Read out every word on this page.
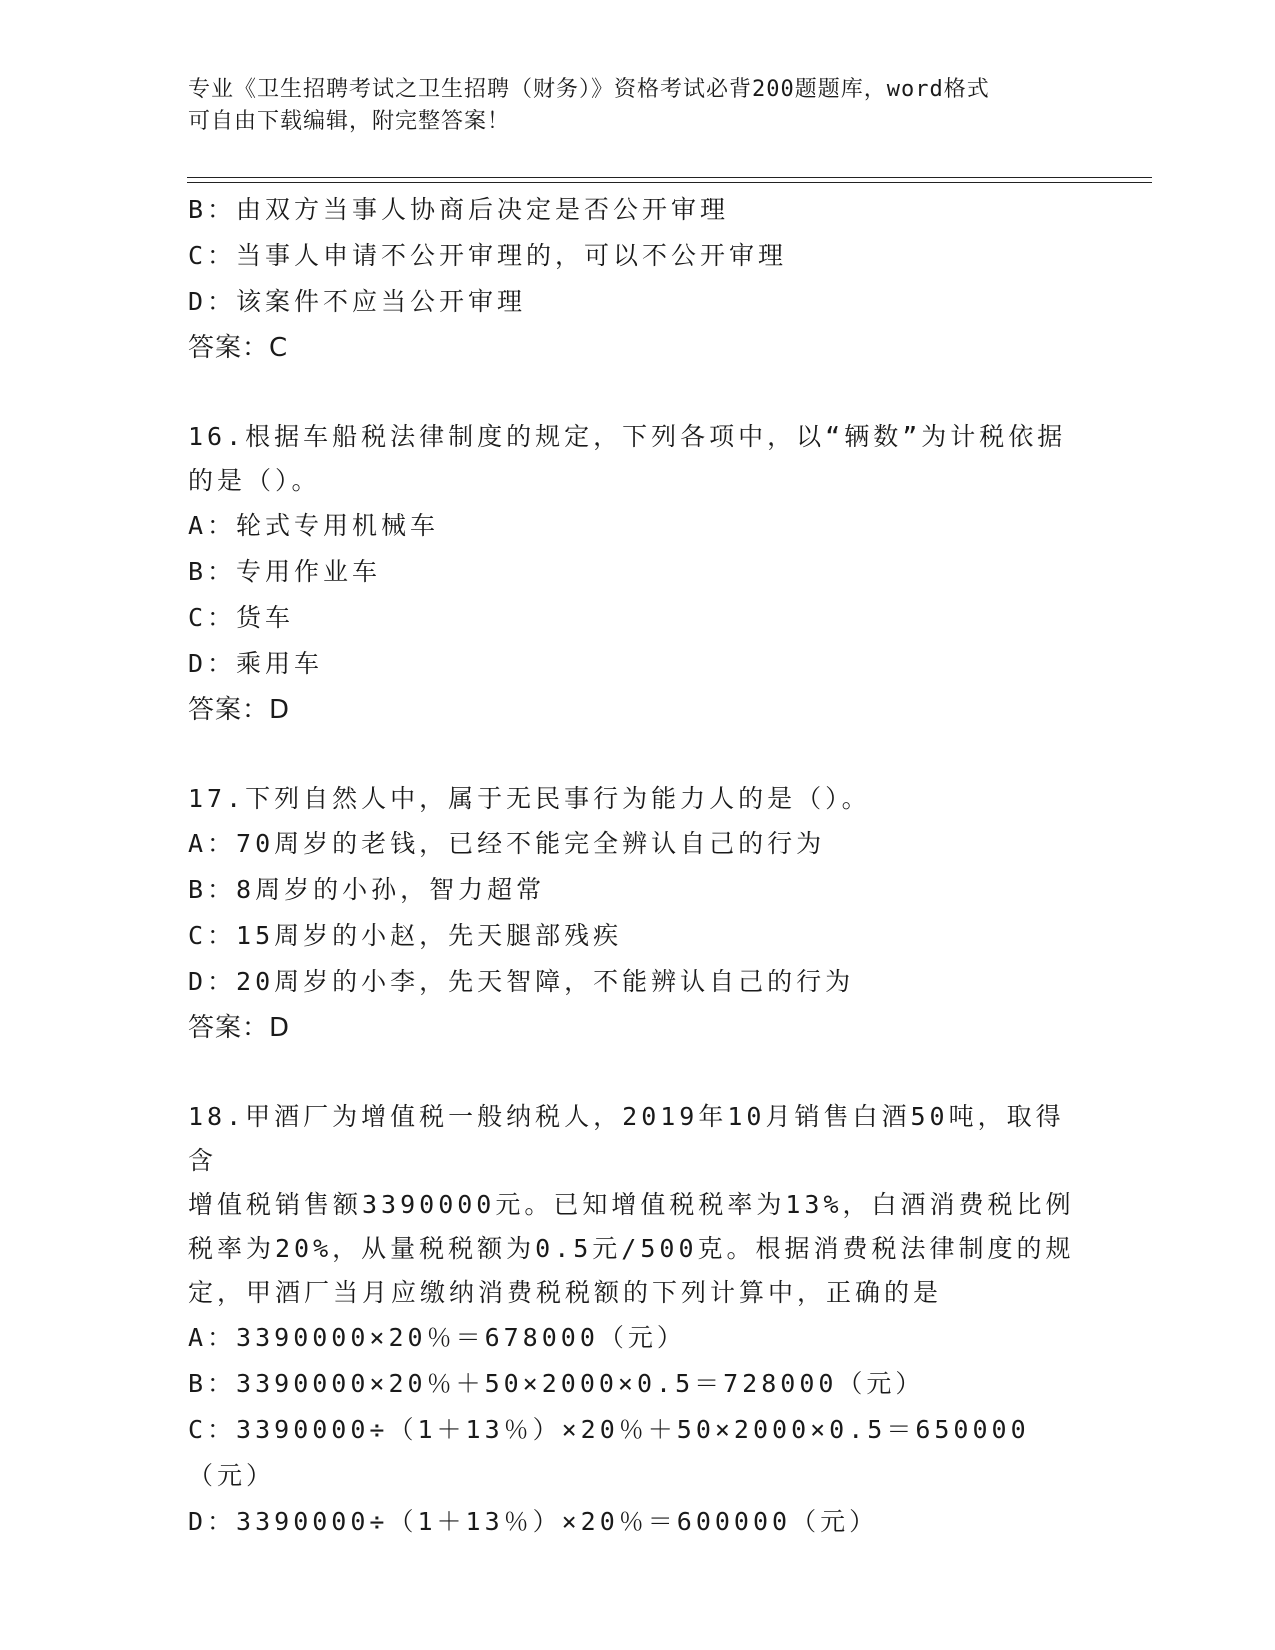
专业《卫生招聘考试之卫生招聘（财务）》资格考试必背200题题库，word格式
可自由下载编辑，附完整答案！
B：由双方当事人协商后决定是否公开审理
C：当事人申请不公开审理的，可以不公开审理
D：该案件不应当公开审理
答案：C
16.根据车船税法律制度的规定，下列各项中，以“辆数”为计税依据
的是（）。
A：轮式专用机械车
B：专用作业车
C：货车
D：乘用车
答案：D
17.下列自然人中，属于无民事行为能力人的是（）。
A：70周岁的老钱，已经不能完全辨认自己的行为
B：8周岁的小孙，智力超常
C：15周岁的小赵，先天腿部残疾
D：20周岁的小李，先天智障，不能辨认自己的行为
答案：D
18.甲酒厂为增值税一般纳税人，2019年10月销售白酒50吨，取得含
增值税销售额3390000元。已知增值税税率为13%，白酒消费税比例
税率为20%，从量税税额为0.5元/500克。根据消费税法律制度的规
定，甲酒厂当月应缴纳消费税税额的下列计算中，正确的是
A：3390000×20％＝678000（元）
B：3390000×20％＋50×2000×0.5＝728000（元）
C：3390000÷（1＋13％）×20％＋50×2000×0.5＝650000（元）
D：3390000÷（1＋13％）×20％＝600000（元）
